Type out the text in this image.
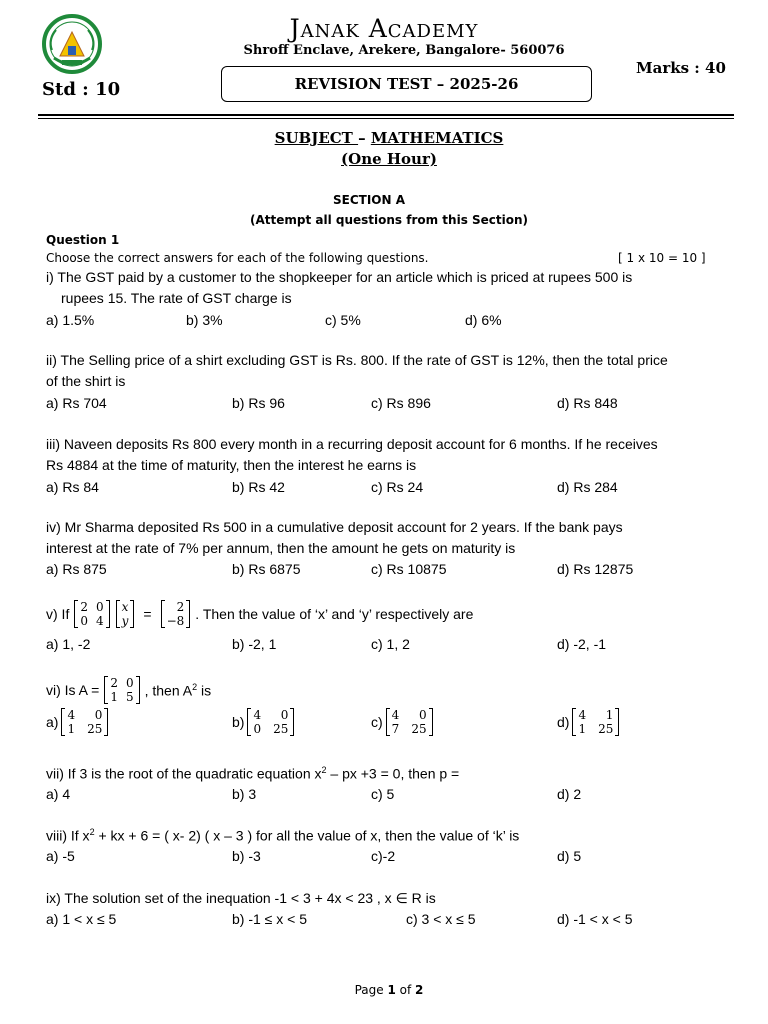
Janak Academy
Shroff Enclave, Arekere, Bangalore- 560076
Std : 10
Marks : 40
REVISION TEST – 2025-26
SUBJECT – MATHEMATICS
(One Hour)
SECTION A
(Attempt all questions from this Section)
Question 1
Choose the correct answers for each of the following questions.	[ 1 x 10 = 10 ]
i) The GST paid by a customer to the shopkeeper for an article which is priced at rupees 500 is
rupees 15. The rate of GST charge is
a) 1.5%	b) 3%	c) 5%	d) 6%
ii) The Selling price of a shirt excluding GST is Rs. 800. If the rate of GST is 12%, then the total price
of the shirt is
a) Rs 704	b) Rs 96	c) Rs 896	d) Rs 848
iii) Naveen deposits Rs 800 every month in a recurring deposit account for 6 months. If he receives
Rs 4884 at the time of maturity, then the interest he earns is
a) Rs 84	b) Rs 42	c) Rs 24	d) Rs 284
iv) Mr Sharma deposited Rs 500 in a cumulative deposit account for 2 years. If the bank pays
interest at the rate of 7% per annum, then the amount he gets on maturity is
a) Rs 875	b) Rs 6875	c) Rs 10875	d) Rs 12875
v) If 2 0
0 4
x
y =	2
−8 . Then the value of ‘x’ and ‘y’ respectively are
a) 1, -2	b) -2, 1	c) 1, 2	d) -2, -1
vi) Is A = 2 0
1 5 , then $A^2$ is
a) 4	0
1 25	b) 4	0
0 25	c) 4	0
7 25	d) 4	1
1 25
vii) If 3 is the root of the quadratic equation $x^2$ – px +3 = 0, then p =
a) 4	b) 3	c) 5	d) 2
viii) If $x^2$ + kx + 6 = ( x- 2) ( x – 3 ) for all the value of x, then the value of ‘k’ is
a) -5	b) -3	c)-2	d) 5
ix) The solution set of the inequation -1 < 3 + 4x < 23 , x ∈ R is
a) 1 < x ≤ 5	b) -1 ≤ x < 5	c) 3 < x ≤ 5	d) -1 < x < 5
Page 1 of 2
